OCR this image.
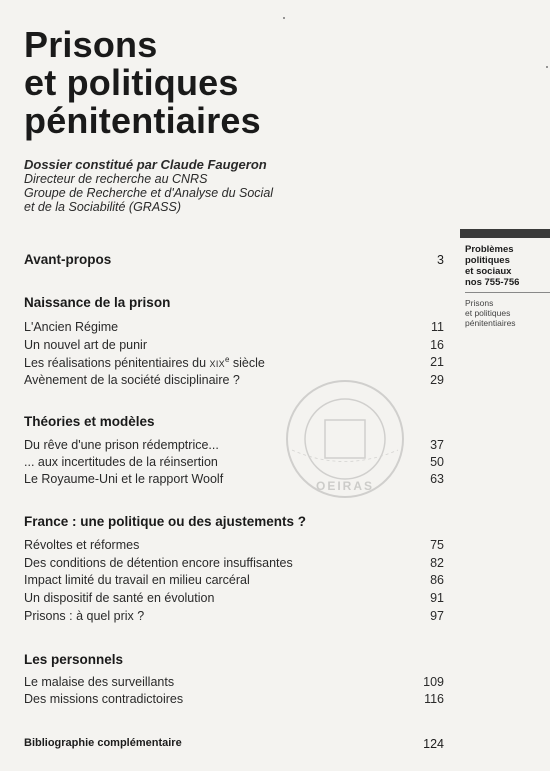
Prisons
et politiques
pénitentiaires
Dossier constitué par Claude Faugeron
Directeur de recherche au CNRS
Groupe de Recherche et d'Analyse du Social
et de la Sociabilité (GRASS)
Problèmes
politiques
et sociaux
nos 755-756
Prisons
et politiques
pénitentiaires
Avant-propos	3
Naissance de la prison
L'Ancien Régime	11
Un nouvel art de punir	16
Les réalisations pénitentiaires du XIXe siècle	21
Avènement de la société disciplinaire ?	29
Théories et modèles
Du rêve d'une prison rédemptrice...	37
... aux incertitudes de la réinsertion	50
Le Royaume-Uni et le rapport Woolf	63
France : une politique ou des ajustements ?
Révoltes et réformes	75
Des conditions de détention encore insuffisantes	82
Impact limité du travail en milieu carcéral	86
Un dispositif de santé en évolution	91
Prisons : à quel prix ?	97
Les personnels
Le malaise des surveillants	109
Des missions contradictoires	116
Bibliographie complémentaire	124
OEIRAS
